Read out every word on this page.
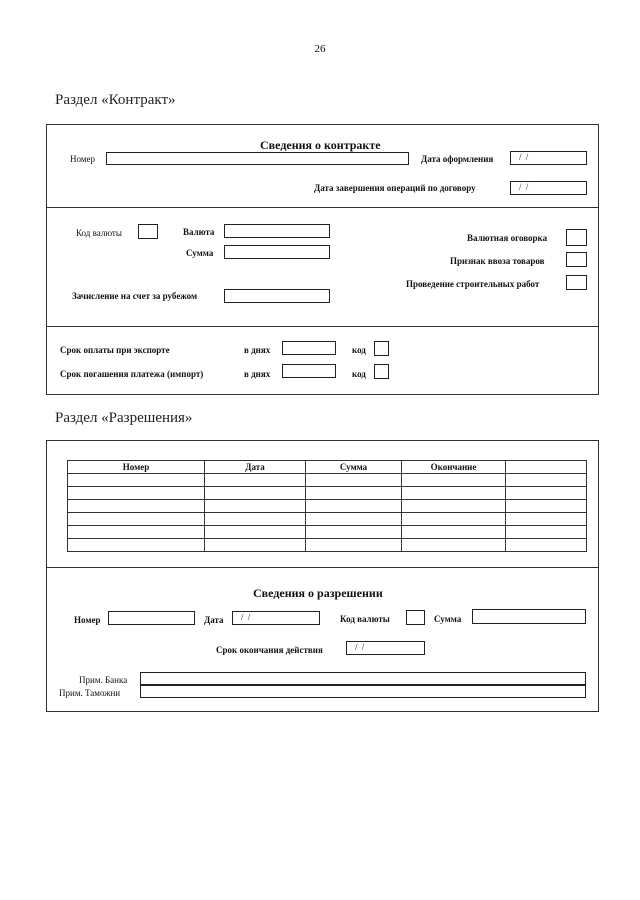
26
Раздел «Контракт»
Сведения о контракте
Номер	Дата оформления	/ /
Дата завершения операций по договору	/ /
Код валюты	Валюта
Сумма
Зачисление на счет за рубежом
Валютная оговорка
Признак ввоза товаров
Проведение строительных работ
Срок оплаты при экспорте	в днях	код
Срок погашения платежа (импорт)	в днях	код
Раздел «Разрешения»
Номер	Дата	Сумма	Окончание	

Сведения о разрешении
Номер	Дата	/ /	Код валюты	Сумма
Срок окончания действия	/ /
Прим. Банка
Прим. Таможни
